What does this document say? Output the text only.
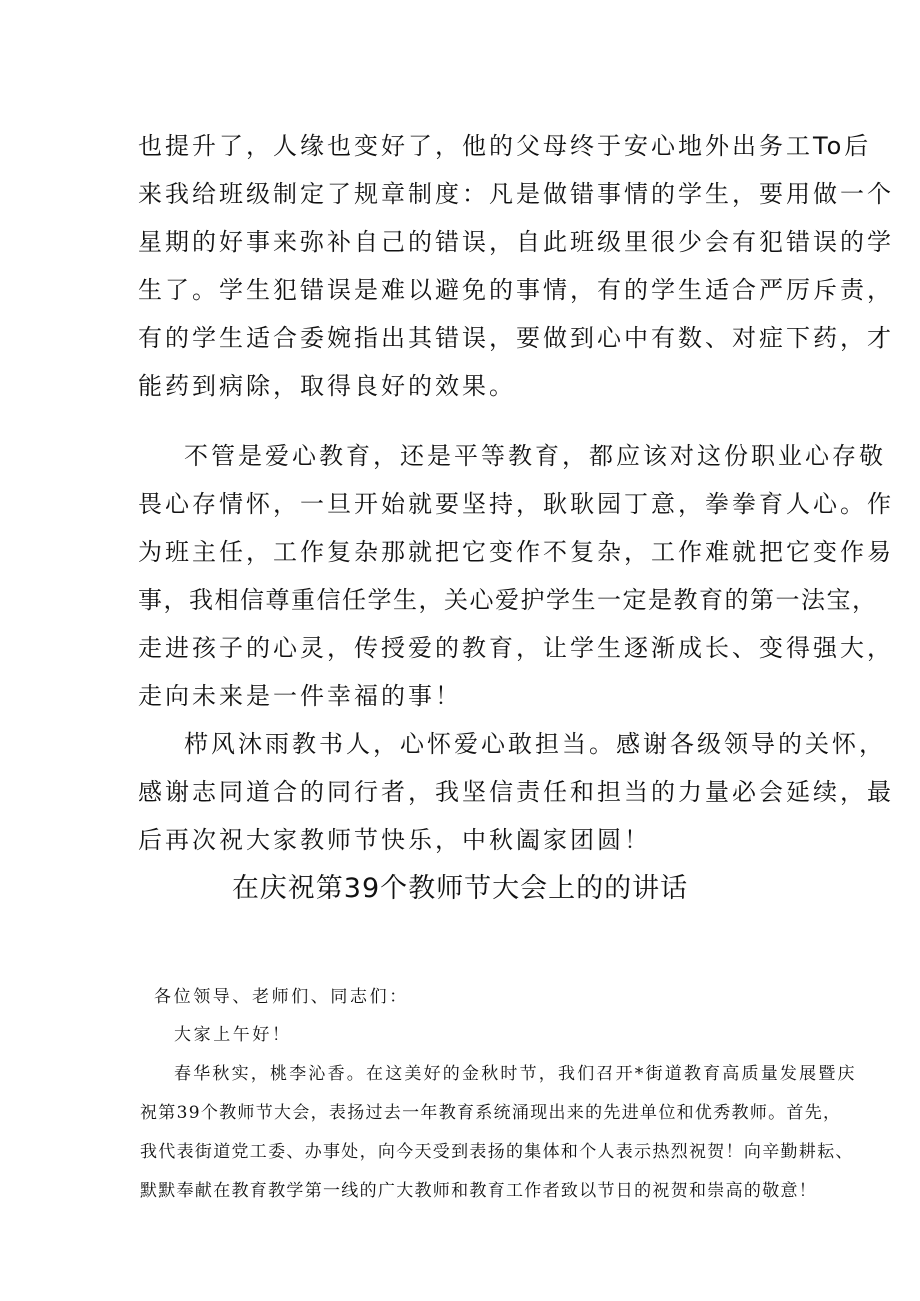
也提升了，人缘也变好了，他的父母终于安心地外出务工To后
来我给班级制定了规章制度：凡是做错事情的学生，要用做一个
星期的好事来弥补自己的错误，自此班级里很少会有犯错误的学
生了。学生犯错误是难以避免的事情，有的学生适合严厉斥责，
有的学生适合委婉指出其错误，要做到心中有数、对症下药，才
能药到病除，取得良好的效果。
不管是爱心教育，还是平等教育，都应该对这份职业心存敬
畏心存情怀，一旦开始就要坚持，耿耿园丁意，拳拳育人心。作
为班主任，工作复杂那就把它变作不复杂，工作难就把它变作易
事，我相信尊重信任学生，关心爱护学生一定是教育的第一法宝，
走进孩子的心灵，传授爱的教育，让学生逐渐成长、变得强大，
走向未来是一件幸福的事！
栉风沐雨教书人，心怀爱心敢担当。感谢各级领导的关怀，
感谢志同道合的同行者，我坚信责任和担当的力量必会延续，最
后再次祝大家教师节快乐，中秋阖家团圆！
在庆祝第39个教师节大会上的的讲话
各位领导、老师们、同志们：
大家上午好！
春华秋实，桃李沁香。在这美好的金秋时节，我们召开*街道教育高质量发展暨庆
祝第39个教师节大会，表扬过去一年教育系统涌现出来的先进单位和优秀教师。首先，
我代表街道党工委、办事处，向今天受到表扬的集体和个人表示热烈祝贺！向辛勤耕耘、
默默奉献在教育教学第一线的广大教师和教育工作者致以节日的祝贺和崇高的敬意！
